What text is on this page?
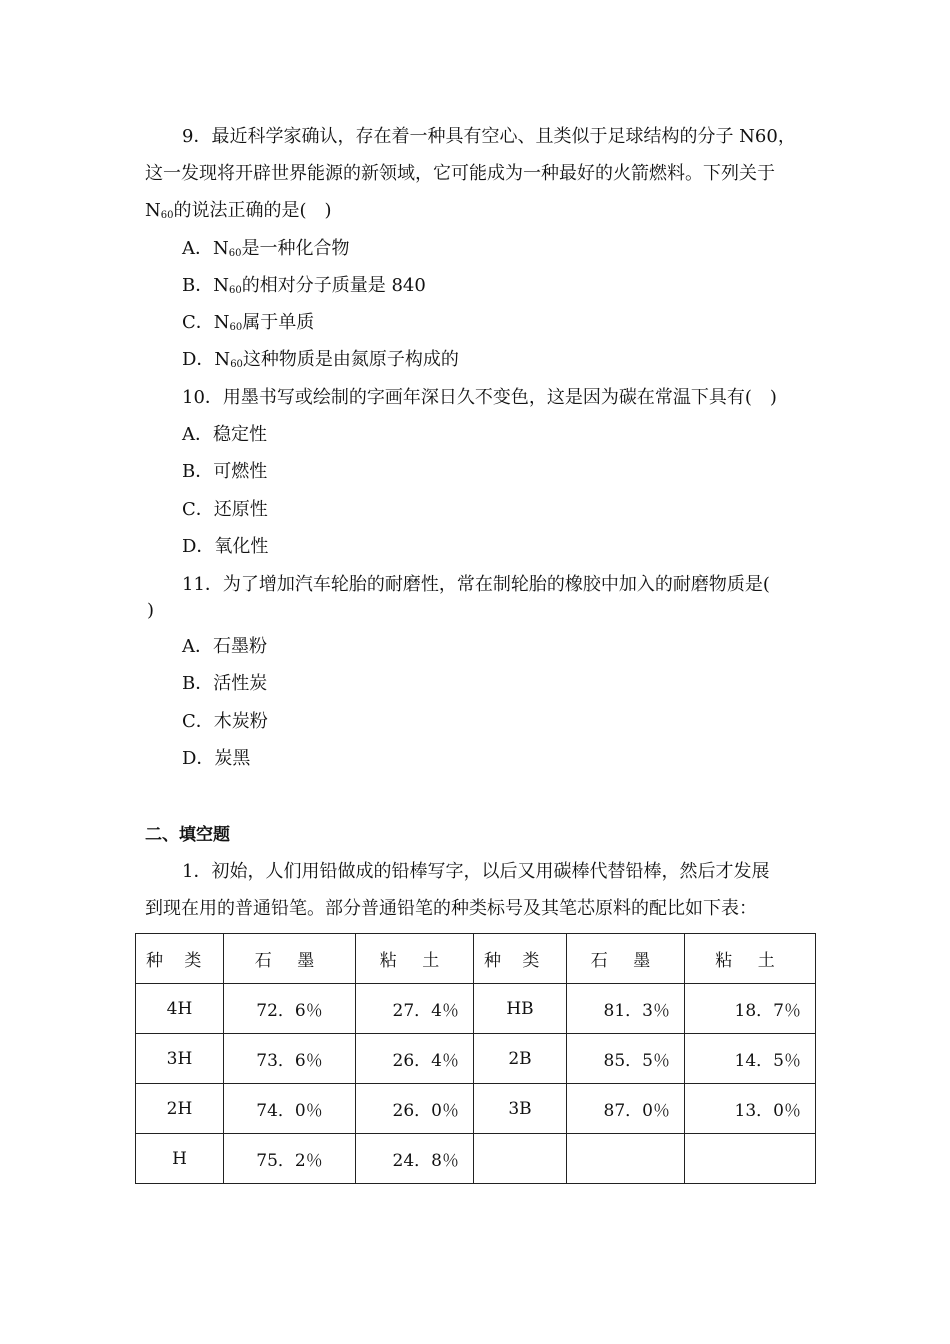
9．最近科学家确认，存在着一种具有空心、且类似于足球结构的分子 N60，
这一发现将开辟世界能源的新领域，它可能成为一种最好的火箭燃料。下列关于
$N_{60}$的说法正确的是(　)
A．$N_{60}$是一种化合物
B．$N_{60}$的相对分子质量是 840
C．$N_{60}$属于单质
D．$N_{60}$这种物质是由氮原子构成的
10．用墨书写或绘制的字画年深日久不变色，这是因为碳在常温下具有(　)
A．稳定性
B．可燃性
C．还原性
D．氧化性
11．为了增加汽车轮胎的耐磨性，常在制轮胎的橡胶中加入的耐磨物质是(
)
A．石墨粉
B．活性炭
C．木炭粉
D．炭黑
二、填空题
1．初始，人们用铅做成的铅棒写字，以后又用碳棒代替铅棒，然后才发展
到现在用的普通铅笔。部分普通铅笔的种类标号及其笔芯原料的配比如下表：
种 类	石 墨	粘 土	种 类	石 墨	粘 土
4H	72．6％	27．4％	HB	81．3％	18．7％
3H	73．6％	26．4％	2B	85．5％	14．5％
2H	74．0％	26．0％	3B	87．0％	13．0％
H	75．2％	24．8％			
